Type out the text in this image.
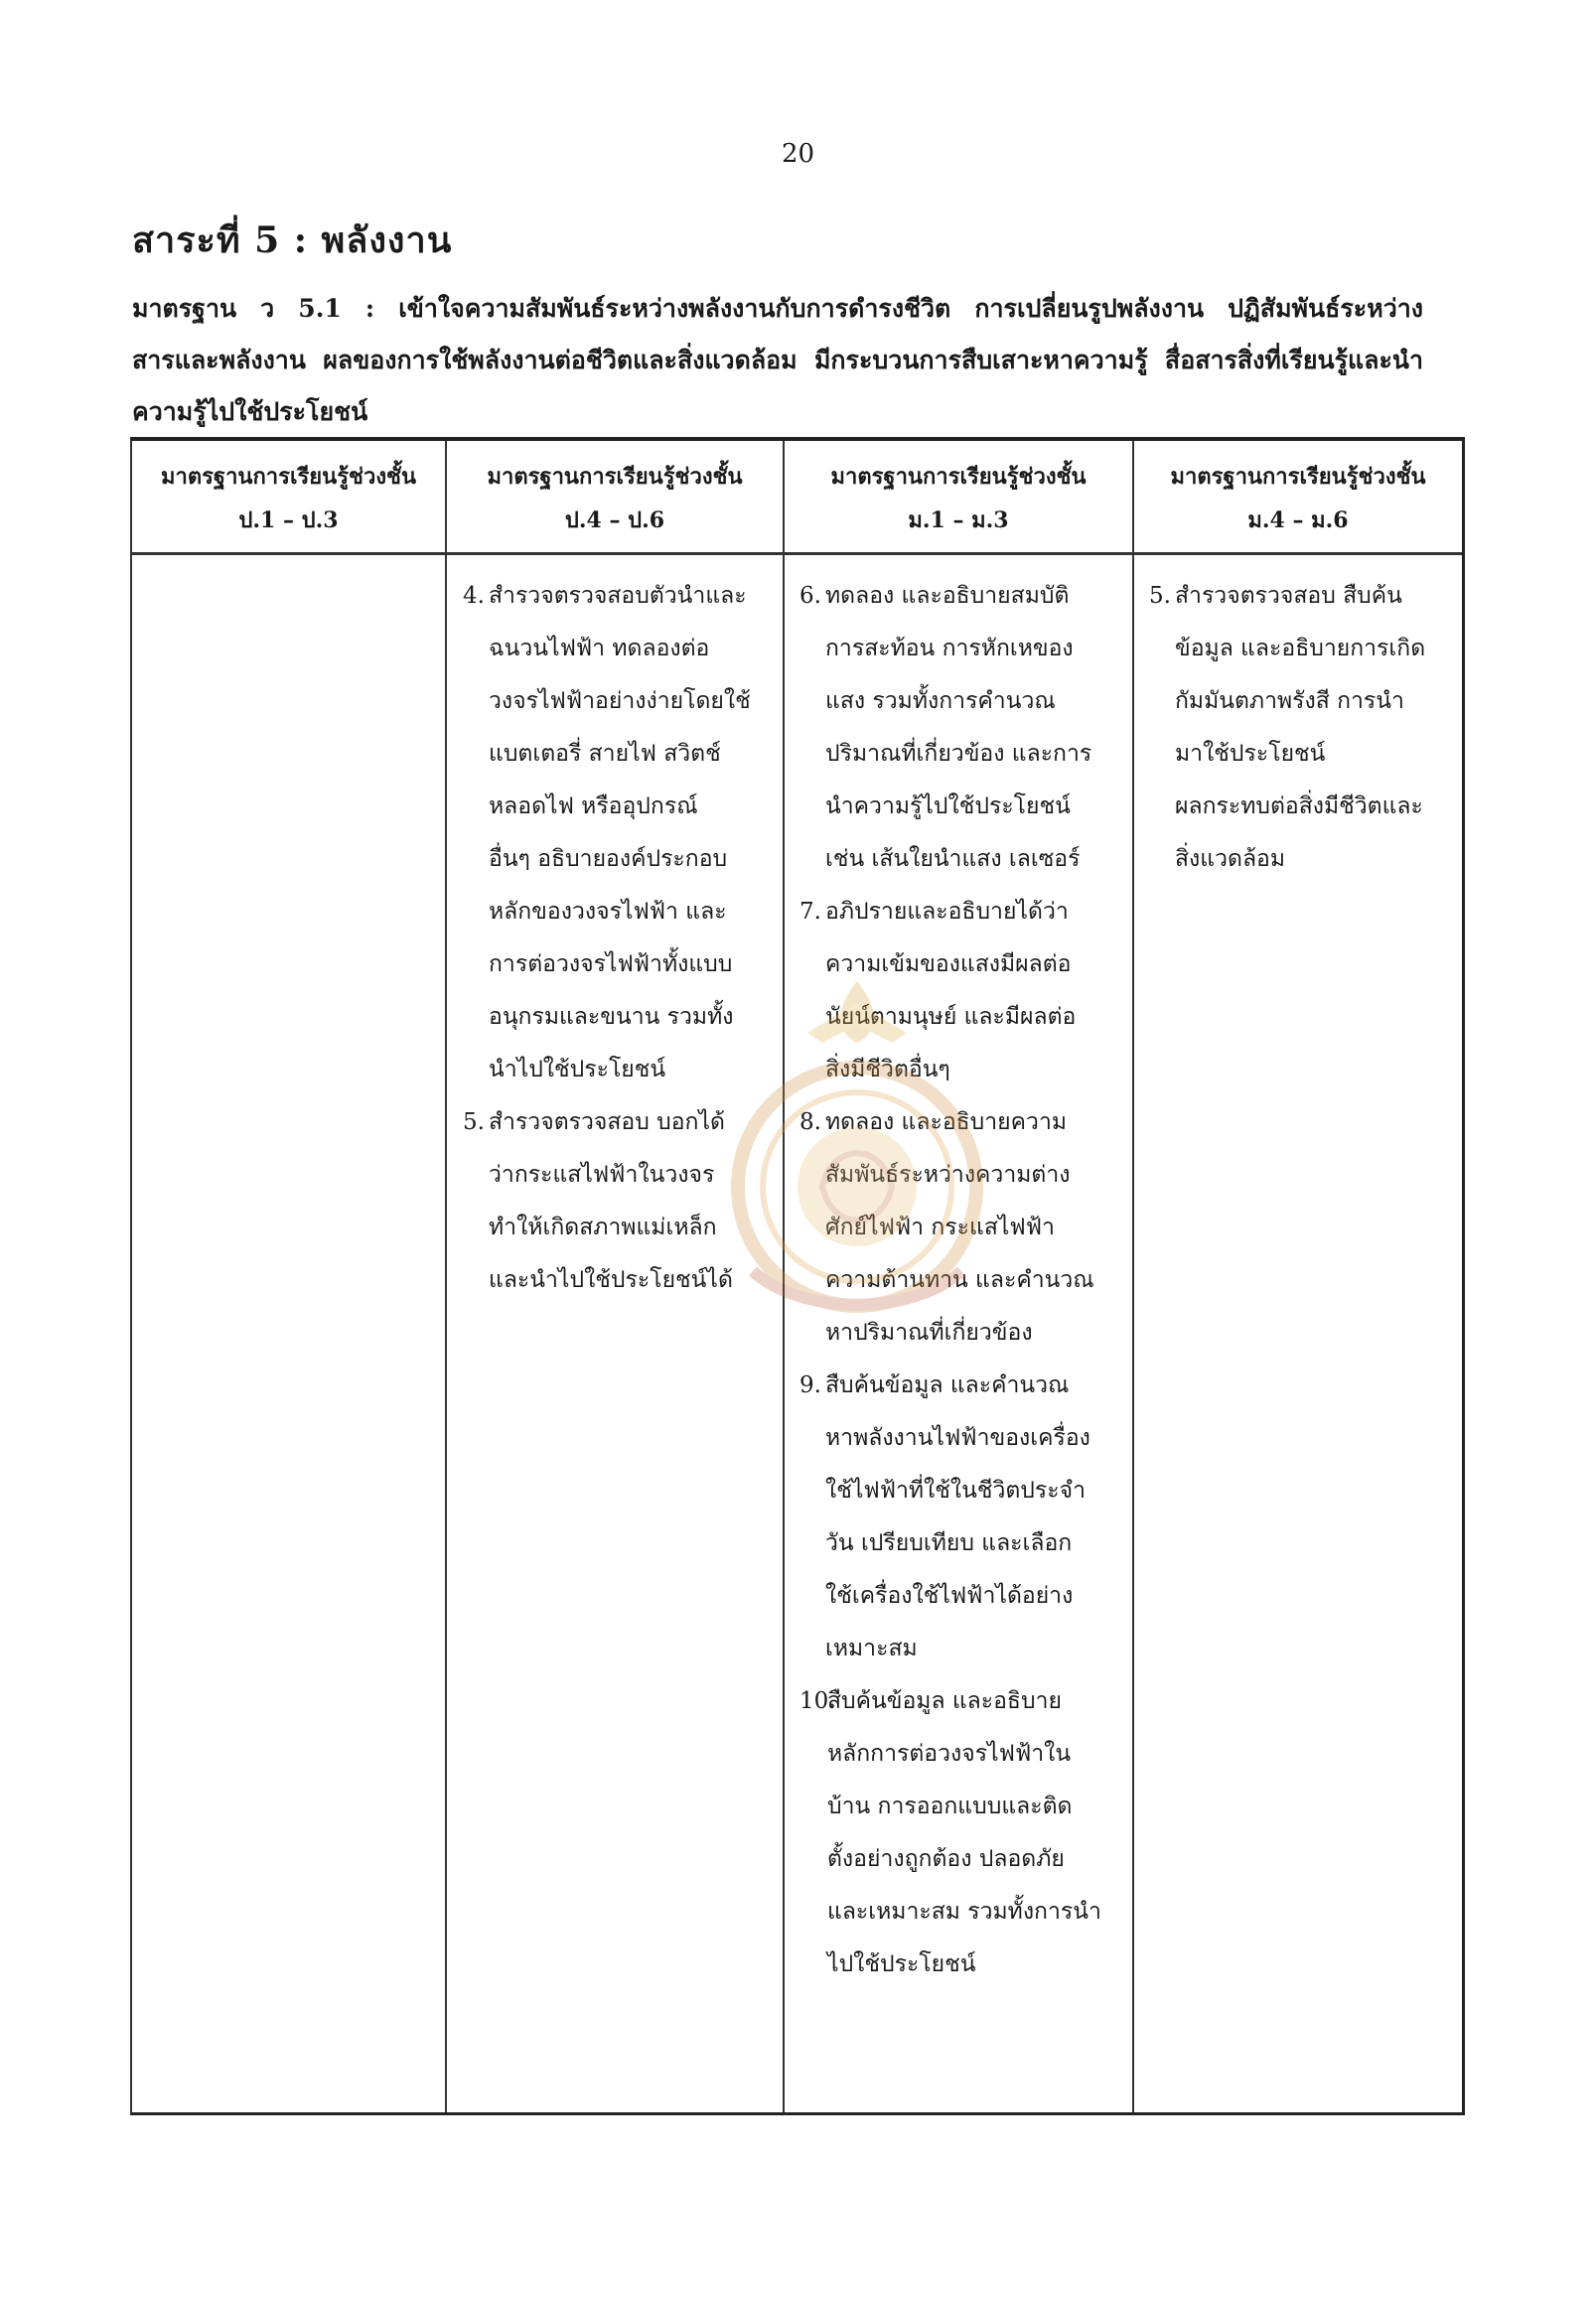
20
สาระที่ 5 : พลังงาน
มาตรฐาน ว 5.1 : เข้าใจความสัมพันธ์ระหว่างพลังงานกับการดำรงชีวิต การเปลี่ยนรูปพลังงาน ปฏิสัมพันธ์ระหว่าง
สารและพลังงาน ผลของการใช้พลังงานต่อชีวิตและสิ่งแวดล้อม มีกระบวนการสืบเสาะหาความรู้ สื่อสารสิ่งที่เรียนรู้และนำ
ความรู้ไปใช้ประโยชน์
มาตรฐานการเรียนรู้ช่วงชั้น
ป.1 – ป.3
มาตรฐานการเรียนรู้ช่วงชั้น
ป.4 – ป.6
มาตรฐานการเรียนรู้ช่วงชั้น
ม.1 – ม.3
มาตรฐานการเรียนรู้ช่วงชั้น
ม.4 – ม.6
4. สำรวจตรวจสอบตัวนำและ
ฉนวนไฟฟ้า ทดลองต่อ
วงจรไฟฟ้าอย่างง่ายโดยใช้
แบตเตอรี่ สายไฟ สวิตช์
หลอดไฟ หรืออุปกรณ์
อื่นๆ อธิบายองค์ประกอบ
หลักของวงจรไฟฟ้า และ
การต่อวงจรไฟฟ้าทั้งแบบ
อนุกรมและขนาน รวมทั้ง
นำไปใช้ประโยชน์
5. สำรวจตรวจสอบ บอกได้
ว่ากระแสไฟฟ้าในวงจร
ทำให้เกิดสภาพแม่เหล็ก
และนำไปใช้ประโยชน์ได้
6. ทดลอง และอธิบายสมบัติ
การสะท้อน การหักเหของ
แสง รวมทั้งการคำนวณ
ปริมาณที่เกี่ยวข้อง และการ
นำความรู้ไปใช้ประโยชน์
เช่น เส้นใยนำแสง เลเซอร์
7. อภิปรายและอธิบายได้ว่า
ความเข้มของแสงมีผลต่อ
นัยน์ตามนุษย์ และมีผลต่อ
สิ่งมีชีวิตอื่นๆ
8. ทดลอง และอธิบายความ
สัมพันธ์ระหว่างความต่าง
ศักย์ไฟฟ้า กระแสไฟฟ้า
ความต้านทาน และคำนวณ
หาปริมาณที่เกี่ยวข้อง
9. สืบค้นข้อมูล และคำนวณ
หาพลังงานไฟฟ้าของเครื่อง
ใช้ไฟฟ้าที่ใช้ในชีวิตประจำ
วัน เปรียบเทียบ และเลือก
ใช้เครื่องใช้ไฟฟ้าได้อย่าง
เหมาะสม
10.
สืบค้นข้อมูล และอธิบาย
หลักการต่อวงจรไฟฟ้าใน
บ้าน การออกแบบและติด
ตั้งอย่างถูกต้อง ปลอดภัย
และเหมาะสม รวมทั้งการนำ
ไปใช้ประโยชน์
5. สำรวจตรวจสอบ สืบค้น
ข้อมูล และอธิบายการเกิด
กัมมันตภาพรังสี การนำ
มาใช้ประโยชน์
ผลกระทบต่อสิ่งมีชีวิตและ
สิ่งแวดล้อม
